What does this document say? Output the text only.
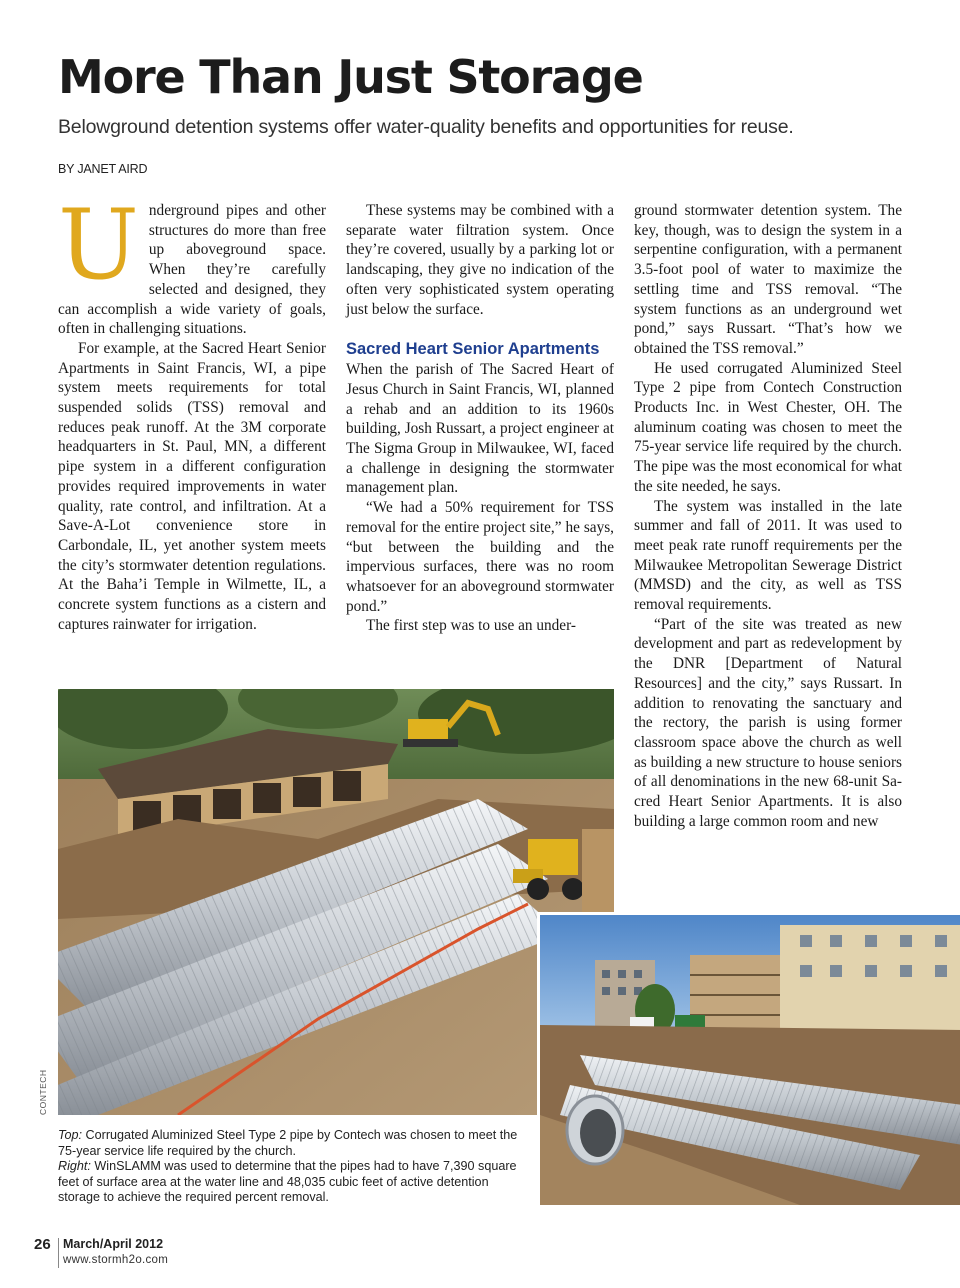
More Than Just Storage

Belowground detention systems offer water-quality benefits and opportunities for reuse.

BY JANET AIRD

Underground pipes and other structures do more than free up aboveground space. When they’re carefully selected and designed, they can accomplish a wide variety of goals, often in challenging situations.

For example, at the Sacred Heart Senior Apartments in Saint Francis, WI, a pipe system meets requirements for total suspended solids (TSS) removal and reduces peak runoff. At the 3M corporate headquarters in St. Paul, MN, a different pipe system in a different configuration provides required improvements in water quality, rate control, and infiltration. At a Save-A-Lot convenience store in Carbondale, IL, yet another system meets the city’s stormwater detention regulations. At the Baha’i Temple in Wilmette, IL, a concrete system functions as a cistern and captures rainwater for irrigation.

These systems may be combined with a separate water filtration system. Once they’re covered, usually by a parking lot or landscaping, they give no indication of the often very sophisticated system operating just below the surface.

Sacred Heart Senior Apartments

When the parish of The Sacred Heart of Jesus Church in Saint Francis, WI, planned a rehab and an addition to its 1960s building, Josh Russart, a project engineer at The Sigma Group in Milwaukee, WI, faced a challenge in designing the stormwater management plan.

“We had a 50% requirement for TSS removal for the entire project site,” he says, “but between the building and the impervious surfaces, there was no room whatsoever for an aboveground stormwater pond.”

The first step was to use an under-

ground stormwater detention system. The key, though, was to design the system in a serpentine configuration, with a permanent 3.5-foot pool of water to maximize the settling time and TSS removal. “The system functions as an underground wet pond,” says Russart. “That’s how we obtained the TSS removal.”

He used corrugated Aluminized Steel Type 2 pipe from Contech Construction Products Inc. in West Chester, OH. The aluminum coating was chosen to meet the 75-year service life required by the church. The pipe was the most economical for what the site needed, he says.

The system was installed in the late summer and fall of 2011. It was used to meet peak rate runoff requirements per the Milwaukee Metropolitan Sewerage District (MMSD) and the city, as well as TSS removal requirements.

“Part of the site was treated as new development and part as redevelopment by the DNR [Department of Natural Resources] and the city,” says Russart. In addition to renovating the sanctuary and the rectory, the parish is using former classroom space above the church as well as building a new structure to house seniors of all denominations in the new 68-unit Sacred Heart Senior Apartments. It is also building a large common room and new

CONTECH
Top: Corrugated Aluminized Steel Type 2 pipe by Contech was chosen to meet the 75-year service life required by the church.
Right: WinSLAMM was used to determine that the pipes had to have 7,390 square feet of surface area at the water line and 48,035 cubic feet of active detention storage to achieve the required percent removal.
26 March/April 2012
www.stormh2o.com
